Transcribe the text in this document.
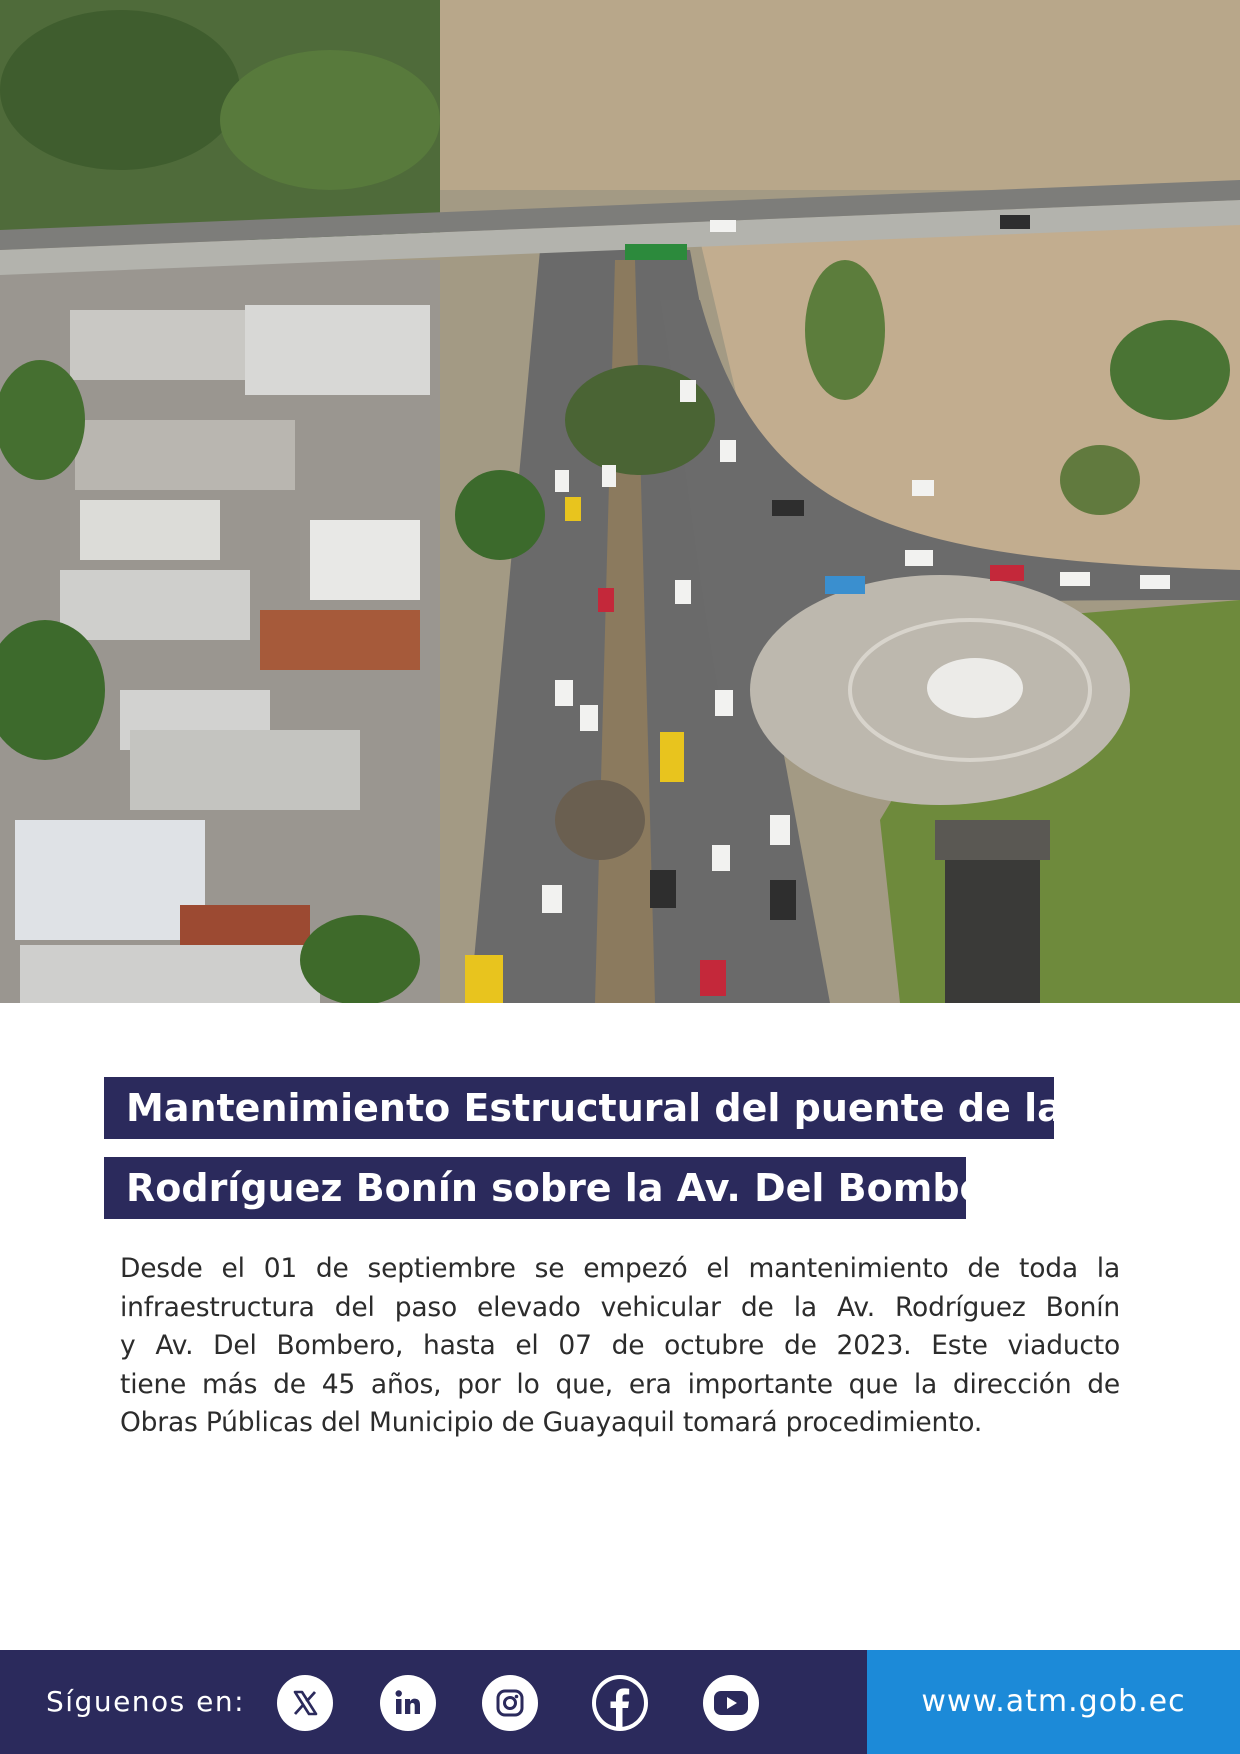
Mantenimiento Estructural del puente de la Av.
Rodríguez Bonín sobre la Av. Del Bombero.
Desde el 01 de septiembre se empezó el mantenimiento de toda la
infraestructura del paso elevado vehicular de la Av. Rodríguez Bonín
y Av. Del Bombero, hasta el 07 de octubre de 2023. Este viaducto
tiene más de 45 años, por lo que, era importante que la dirección de
Obras Públicas del Municipio de Guayaquil tomará procedimiento.
Síguenos en:	www.atm.gob.ec
